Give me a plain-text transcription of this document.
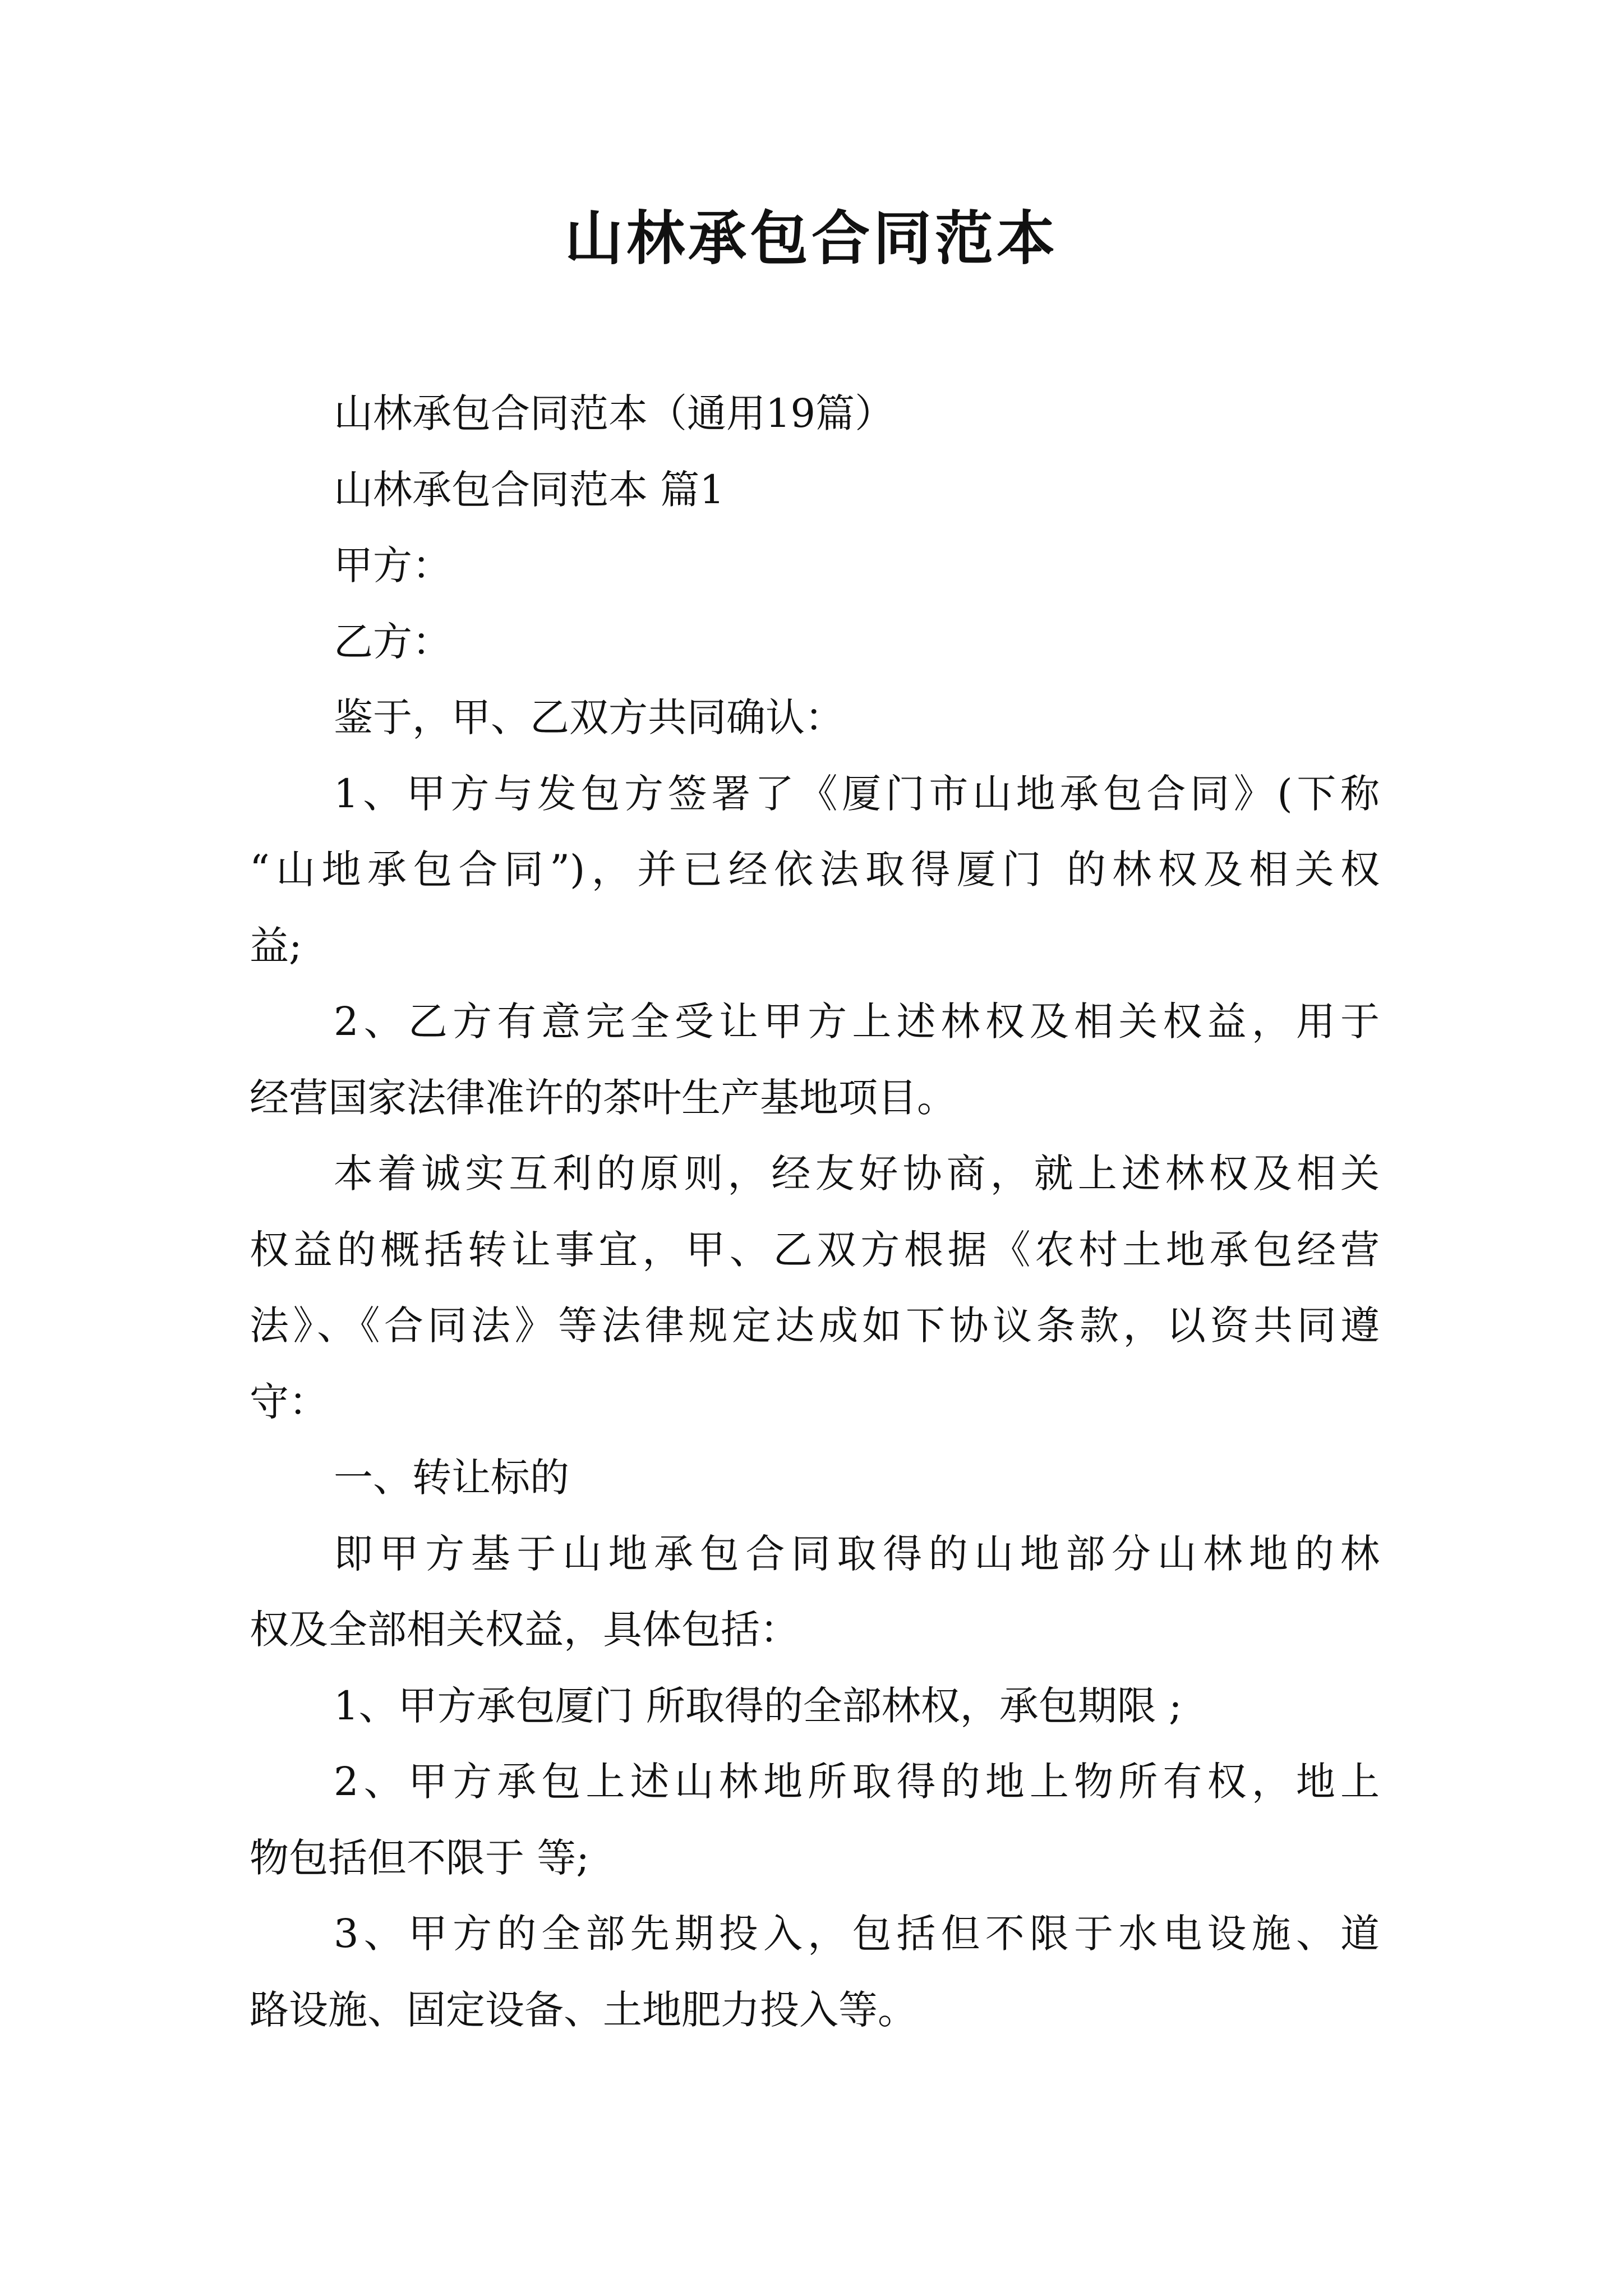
山林承包合同范本
山林承包合同范本（通用19篇）
山林承包合同范本 篇1
甲方：
乙方：
鉴于，甲、乙双方共同确认：
1、甲方与发包方签署了《厦门市山地承包合同》(下称
“山地承包合同”)，并已经依法取得厦门 的林权及相关权
益;
2、乙方有意完全受让甲方上述林权及相关权益，用于
经营国家法律准许的茶叶生产基地项目。
本着诚实互利的原则，经友好协商，就上述林权及相关
权益的概括转让事宜，甲、乙双方根据《农村土地承包经营
法》、《合同法》等法律规定达成如下协议条款，以资共同遵
守：
一、转让标的
即甲方基于山地承包合同取得的山地部分山林地的林
权及全部相关权益，具体包括：
1、甲方承包厦门 所取得的全部林权，承包期限 ;
2、甲方承包上述山林地所取得的地上物所有权，地上
物包括但不限于 等;
3、甲方的全部先期投入，包括但不限于水电设施、道
路设施、固定设备、土地肥力投入等。
